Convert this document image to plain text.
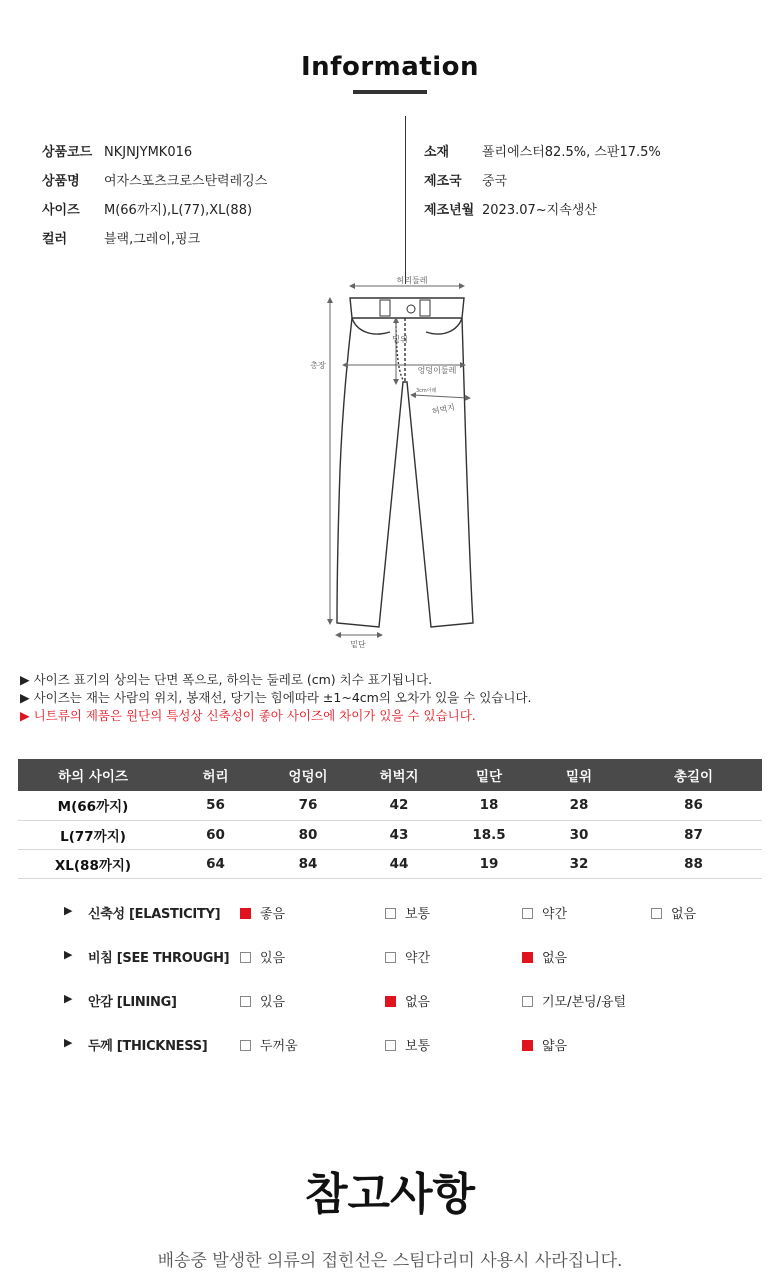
Information
상품코드 NKJNJYMK016
상품명 여자스포츠크로스탄력레깅스
사이즈 M(66까지),L(77),XL(88)
컬러	블랙,그레이,핑크
소재	폴리에스터82.5%, 스판17.5%
제조국 중국
제조년월 2023.07~지속생산
허리둘레
밑위
엉덩이둘레
3cm아래
허벅지
총장
밑단
▶ 사이즈 표기의 상의는 단면 폭으로, 하의는 둘레로 (cm) 치수 표기됩니다.
▶ 사이즈는 재는 사람의 위치, 봉재선, 당기는 힘에따라 ±1~4cm의 오차가 있을 수 있습니다.
▶ 니트류의 제품은 원단의 특성상 신축성이 좋아 사이즈에 차이가 있을 수 있습니다.
하의 사이즈	허리	엉덩이	허벅지	밑단	밑위	총길이
M(66까지)	56	76	42	18	28	86
L(77까지)	60	80	43	18.5	30	87
XL(88까지)	64	84	44	19	32	88
▶ 신축성 [ELASTICITY]	좋음	보통	약간	없음
▶ 비침 [SEE THROUGH]	있음	약간	없음
▶ 안감 [LINING]	있음	없음	기모/본딩/융털
▶ 두께 [THICKNESS]	두꺼움	보통	얇음
참고사항
배송중 발생한 의류의 접힌선은 스팀다리미 사용시 사라집니다.
